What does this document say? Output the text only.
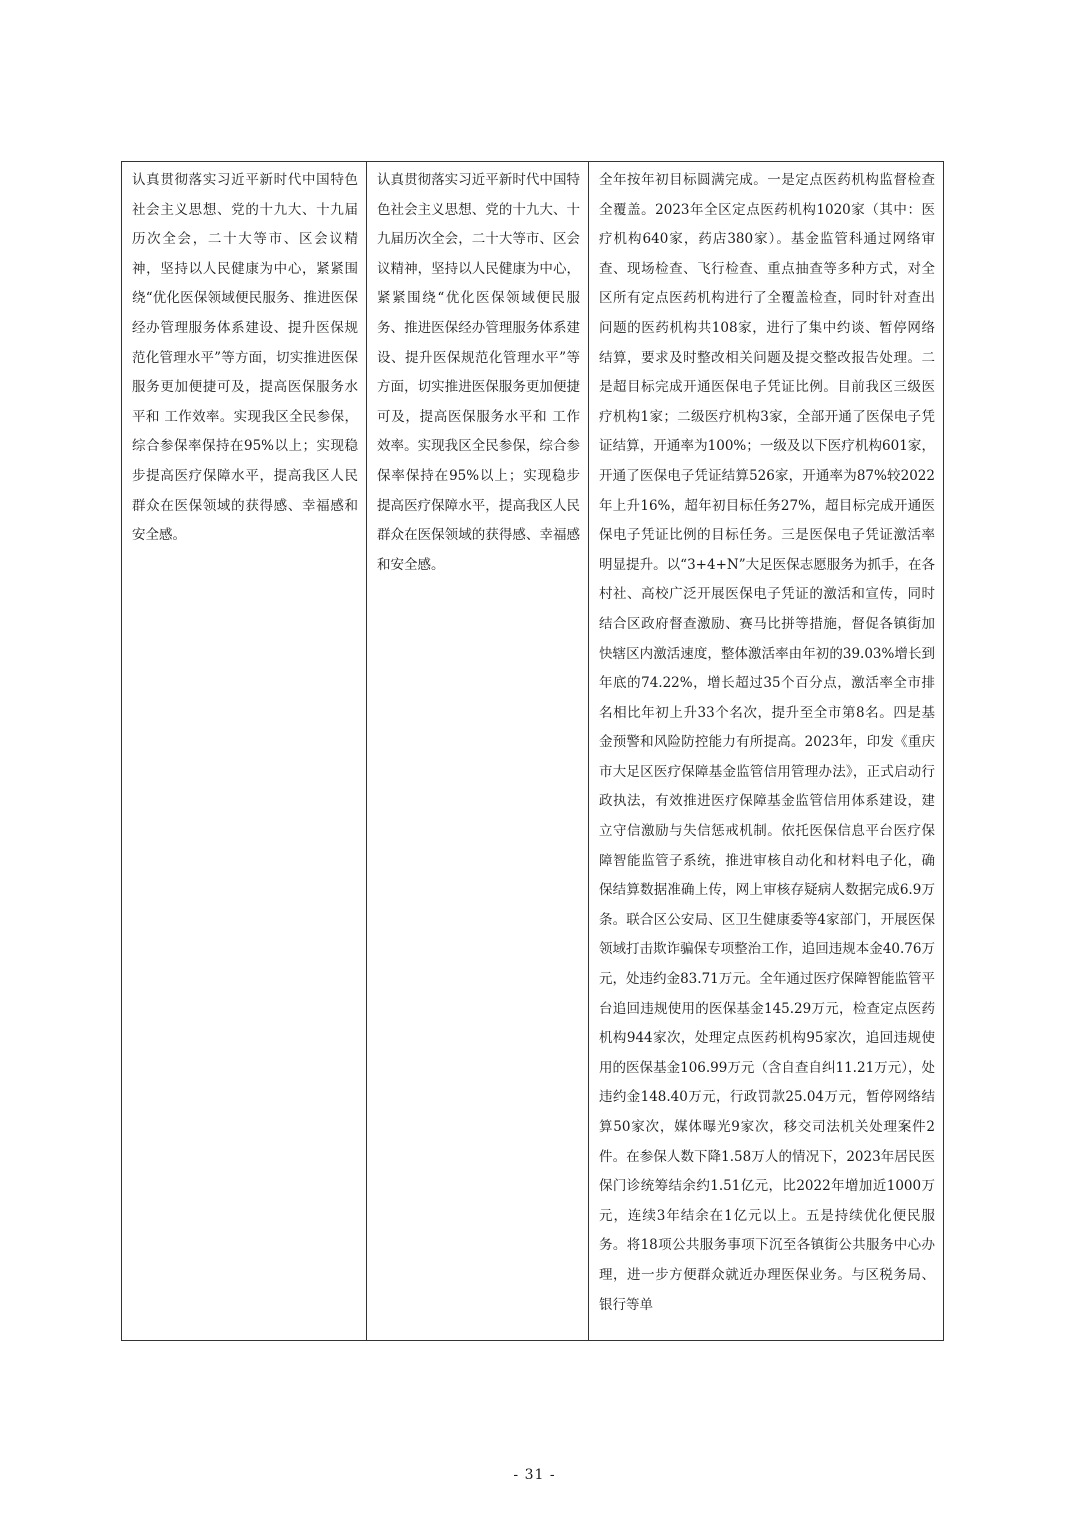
认真贯彻落实习近平新时代中国特色社会主义思想、党的十九大、十九届历次全会，二十大等市、区会议精神，坚持以人民健康为中心，紧紧围绕“优化医保领域便民服务、推进医保经办管理服务体系建设、提升医保规范化管理水平”等方面，切实推进医保服务更加便捷可及，提高医保服务水平和 工作效率。实现我区全民参保，综合参保率保持在95%以上；实现稳步提高医疗保障水平，提高我区人民群众在医保领域的获得感、幸福感和安全感。	认真贯彻落实习近平新时代中国特色社会主义思想、党的十九大、十九届历次全会，二十大等市、区会议精神，坚持以人民健康为中心，紧紧围绕“优化医保领域便民服务、推进医保经办管理服务体系建设、提升医保规范化管理水平”等方面，切实推进医保服务更加便捷可及，提高医保服务水平和 工作效率。实现我区全民参保，综合参保率保持在95%以上；实现稳步提高医疗保障水平，提高我区人民群众在医保领域的获得感、幸福感和安全感。	全年按年初目标圆满完成。一是定点医药机构监督检查全覆盖。2023年全区定点医药机构1020家（其中：医疗机构640家，药店380家）。基金监管科通过网络审查、现场检查、飞行检查、重点抽查等多种方式，对全区所有定点医药机构进行了全覆盖检查，同时针对查出问题的医药机构共108家，进行了集中约谈、暂停网络结算，要求及时整改相关问题及提交整改报告处理。二是超目标完成开通医保电子凭证比例。目前我区三级医疗机构1家；二级医疗机构3家，全部开通了医保电子凭证结算，开通率为100%；一级及以下医疗机构601家，开通了医保电子凭证结算526家，开通率为87%较2022年上升16%，超年初目标任务27%，超目标完成开通医保电子凭证比例的目标任务。三是医保电子凭证激活率明显提升。以“3+4+N”大足医保志愿服务为抓手，在各村社、高校广泛开展医保电子凭证的激活和宣传，同时结合区政府督查激励、赛马比拼等措施，督促各镇街加快辖区内激活速度，整体激活率由年初的39.03%增长到年底的74.22%，增长超过35个百分点，激活率全市排名相比年初上升33个名次，提升至全市第8名。四是基金预警和风险防控能力有所提高。2023年，印发《重庆市大足区医疗保障基金监管信用管理办法》，正式启动行政执法，有效推进医疗保障基金监管信用体系建设，建立守信激励与失信惩戒机制。依托医保信息平台医疗保障智能监管子系统，推进审核自动化和材料电子化，确保结算数据准确上传，网上审核存疑病人数据完成6.9万条。联合区公安局、区卫生健康委等4家部门，开展医保领域打击欺诈骗保专项整治工作，追回违规本金40.76万元，处违约金83.71万元。全年通过医疗保障智能监管平台追回违规使用的医保基金145.29万元，检查定点医药机构944家次，处理定点医药机构95家次，追回违规使用的医保基金106.99万元（含自查自纠11.21万元），处违约金148.40万元，行政罚款25.04万元，暂停网络结算50家次，媒体曝光9家次，移交司法机关处理案件2件。在参保人数下降1.58万人的情况下，2023年居民医保门诊统筹结余约1.51亿元，比2022年增加近1000万元，连续3年结余在1亿元以上。五是持续优化便民服务。将18项公共服务事项下沉至各镇街公共服务中心办理，进一步方便群众就近办理医保业务。与区税务局、银行等单
- 31 -
